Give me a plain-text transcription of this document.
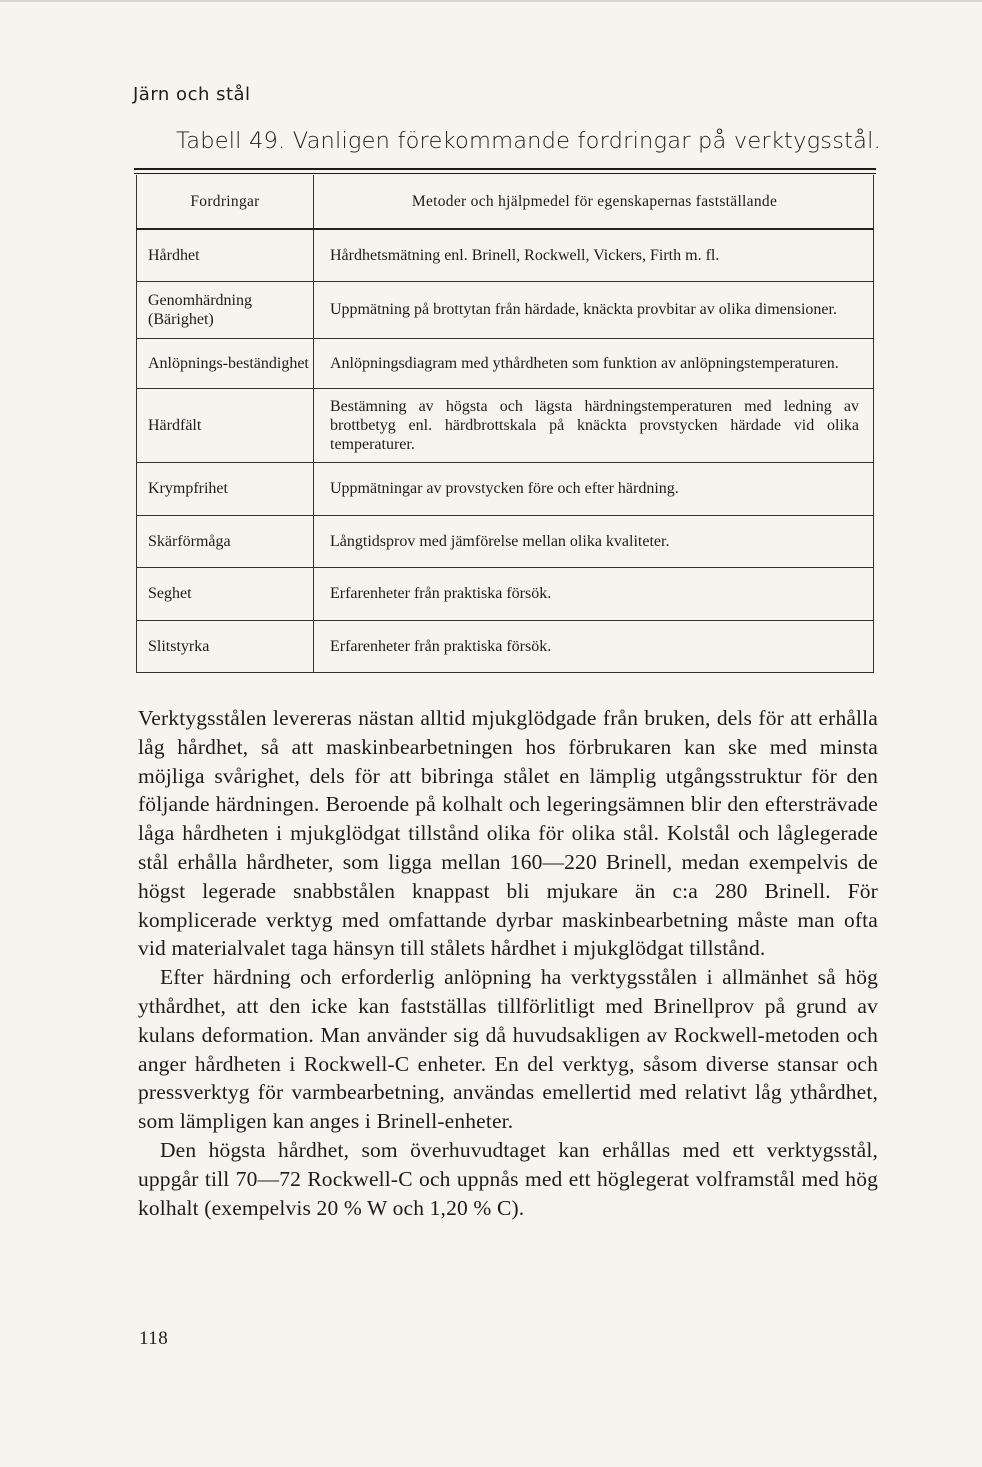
Järn och stål
Tabell 49. Vanligen förekommande fordringar på verktygsstål.
Fordringar	Metoder och hjälpmedel för egenskapernas fastställande
Hårdhet	Hårdhetsmätning enl. Brinell, Rockwell, Vickers, Firth m. fl.

Genomhärdning (Bärighet)	Uppmätning på brottytan från härdade, knäckta provbitar av olika dimensioner.

Anlöpnings-beständighet	Anlöpningsdiagram med ythårdheten som funktion av anlöpningstemperaturen.

Härdfält	Bestämning av högsta och lägsta härdningstemperaturen med ledning av brottbetyg enl. härdbrottskala på knäckta provstycken härdade vid olika temperaturer.

Krympfrihet	Uppmätningar av provstycken före och efter härdning.

Skärförmåga	Långtidsprov med jämförelse mellan olika kvaliteter.

Seghet	Erfarenheter från praktiska försök.

Slitstyrka	Erfarenheter från praktiska försök.

Verktygsstålen levereras nästan alltid mjukglödgade från bruken, dels för att erhålla låg hårdhet, så att maskinbearbetningen hos förbrukaren kan ske med minsta möjliga svårighet, dels för att bibringa stålet en lämplig utgångsstruktur för den följande härdningen. Beroende på kolhalt och legeringsämnen blir den eftersträvade låga hårdheten i mjukglödgat tillstånd olika för olika stål. Kolstål och låglegerade stål erhålla hårdheter, som ligga mellan 160—220 Brinell, medan exempelvis de högst legerade snabbstålen knappast bli mjukare än c:a 280 Brinell. För komplicerade verktyg med omfattande dyrbar maskinbearbetning måste man ofta vid materialvalet taga hänsyn till stålets hårdhet i mjukglödgat tillstånd.

Efter härdning och erforderlig anlöpning ha verktygsstålen i allmänhet så hög ythårdhet, att den icke kan fastställas tillförlitligt med Brinellprov på grund av kulans deformation. Man använder sig då huvudsakligen av Rockwell-metoden och anger hårdheten i Rockwell-C enheter. En del verktyg, såsom diverse stansar och pressverktyg för varmbearbetning, användas emellertid med relativt låg ythårdhet, som lämpligen kan anges i Brinell-enheter.

Den högsta hårdhet, som överhuvudtaget kan erhållas med ett verktygsstål, uppgår till 70—72 Rockwell-C och uppnås med ett höglegerat volframstål med hög kolhalt (exempelvis 20 % W och 1,20 % C).

118
